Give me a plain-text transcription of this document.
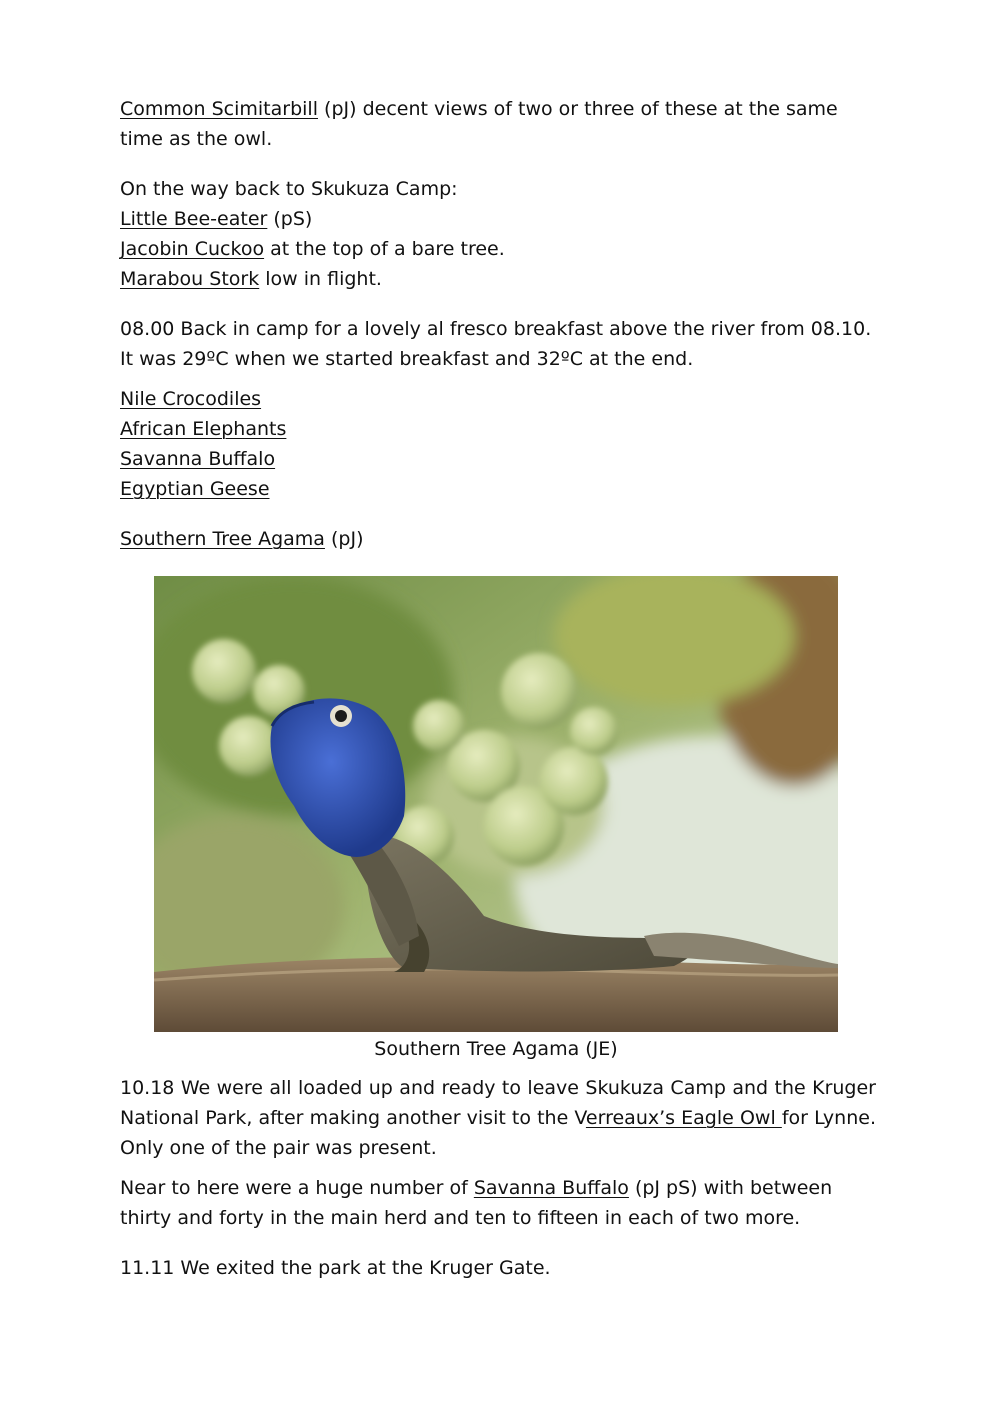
Common Scimitarbill (pJ) decent views of two or three of these at the same time as the owl.

On the way back to Skukuza Camp:

Little Bee-eater (pS)

Jacobin Cuckoo at the top of a bare tree.

Marabou Stork low in flight.

08.00 Back in camp for a lovely al fresco breakfast above the river from 08.10.

It was 29ºC when we started breakfast and 32ºC at the end.

Nile Crocodiles

African Elephants

Savanna Buffalo

Egyptian Geese

Southern Tree Agama (pJ)

Southern Tree Agama (JE)

10.18 We were all loaded up and ready to leave Skukuza Camp and the Kruger National Park, after making another visit to the Verreaux’s Eagle Owl for Lynne. Only one of the pair was present.

Near to here were a huge number of Savanna Buffalo (pJ pS) with between thirty and forty in the main herd and ten to fifteen in each of two more.

11.11 We exited the park at the Kruger Gate.
